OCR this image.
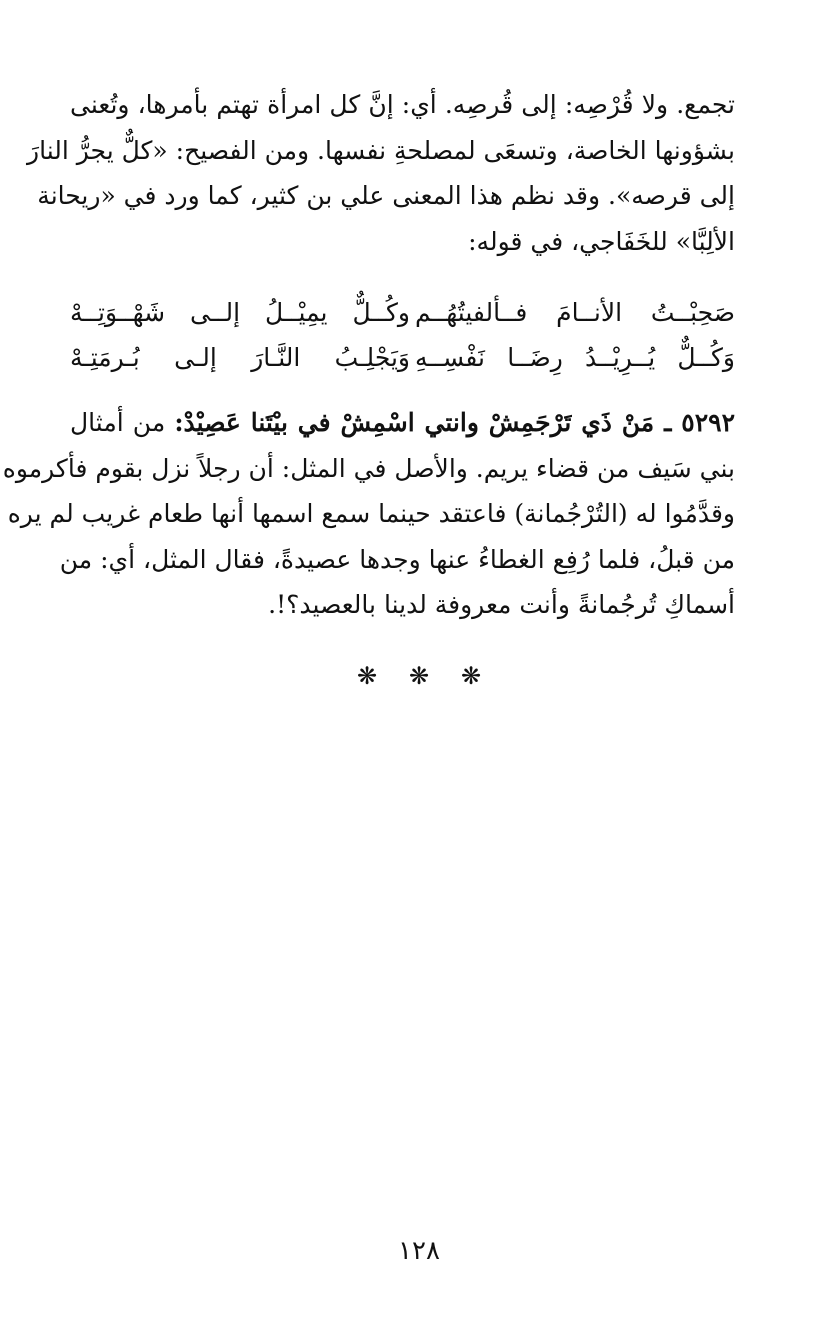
تجمع. ولا قُرْصِه: إلى قُرصِه. أي: إنَّ كل امرأة تهتم بأمرها، وتُعنى
بشؤونها الخاصة، وتسعَى لمصلحةِ نفسها. ومن الفصيح: «كلٌّ يجرُّ النارَ
إلى قرصه». وقد نظم هذا المعنى علي بن كثير، كما ورد في «ريحانة
الألِبَّا» للخَفَاجي، في قوله:
صَحِبْــتُ الأنــامَ فــألفيتُهُــم
وكُــلٌّ يمِيْــلُ إلــى شَهْــوَتِــهْ
وَكُــلٌّ يُــرِيْــدُ رِضَــا نَفْسِــهِ
وَيَجْلِـبُ النَّـارَ إلـى بُـرمَتِـهْ
٥٢٩٢ ـ مَنْ ذَي تَرْجَمِشْ وانتي اسْمِشْ في بيْتَنا عَصِيْدْ: من أمثال
بني سَيف من قضاء يريم. والأصل في المثل: أن رجلاً نزل بقوم فأكرموه
وقدَّمُوا له (التُرْجُمانة) فاعتقد حينما سمع اسمها أنها طعام غريب لم يره
من قبلُ، فلما رُفِع الغطاءُ عنها وجدها عصيدةً، فقال المثل، أي: من
أسماكِ تُرجُمانةً وأنت معروفة لدينا بالعصيد؟!.
❋ ❋ ❋
١٢٨
